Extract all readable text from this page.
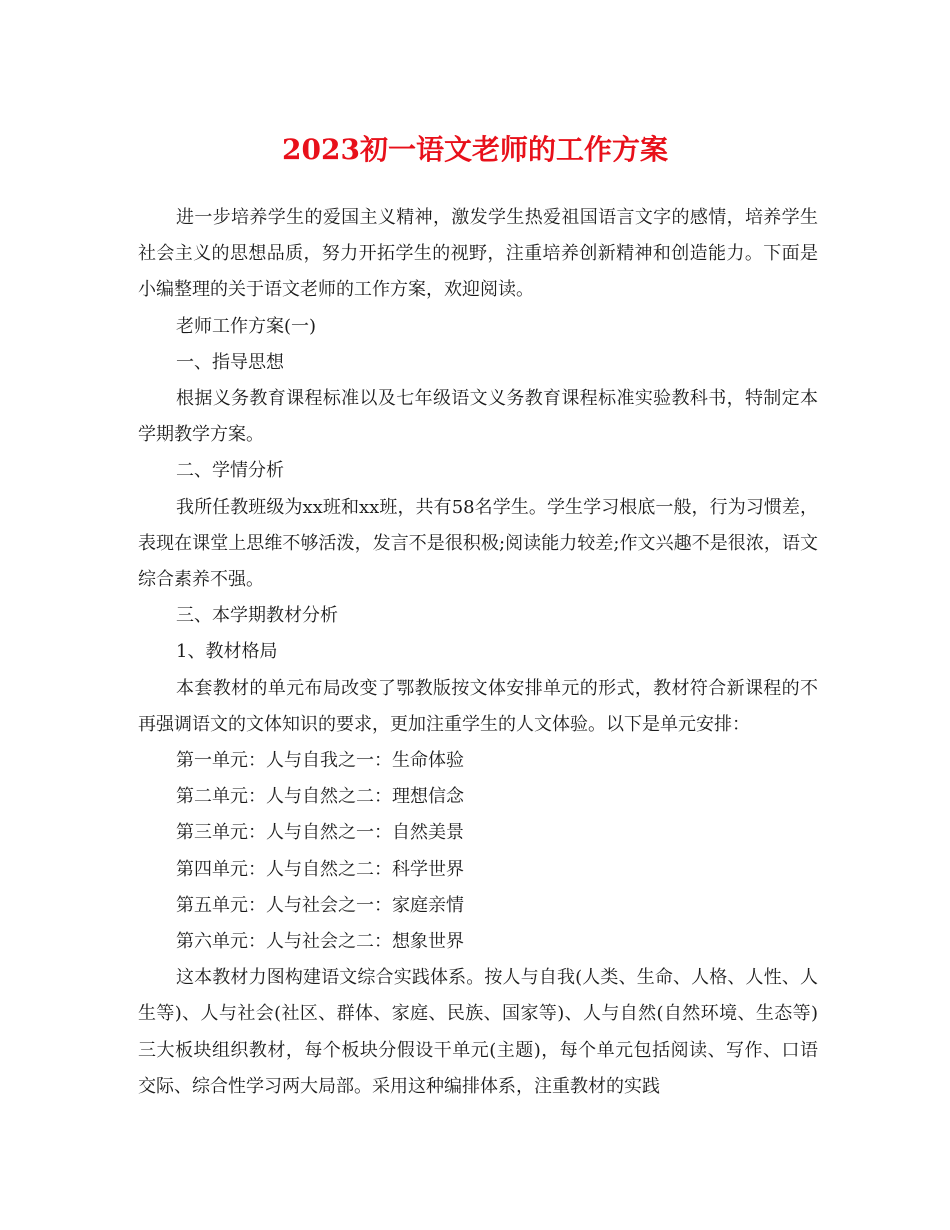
2023初一语文老师的工作方案

进一步培养学生的爱国主义精神，激发学生热爱祖国语言文字的感情，培养学生社会主义的思想品质，努力开拓学生的视野，注重培养创新精神和创造能力。下面是小编整理的关于语文老师的工作方案，欢迎阅读。

老师工作方案(一)

一、指导思想

根据义务教育课程标准以及七年级语文义务教育课程标准实验教科书，特制定本学期教学方案。

二、学情分析

我所任教班级为xx班和xx班，共有58名学生。学生学习根底一般，行为习惯差，表现在课堂上思维不够活泼，发言不是很积极;阅读能力较差;作文兴趣不是很浓，语文综合素养不强。

三、本学期教材分析

1、教材格局

本套教材的单元布局改变了鄂教版按文体安排单元的形式，教材符合新课程的不再强调语文的文体知识的要求，更加注重学生的人文体验。以下是单元安排：

第一单元：人与自我之一：生命体验

第二单元：人与自然之二：理想信念

第三单元：人与自然之一：自然美景

第四单元：人与自然之二：科学世界

第五单元：人与社会之一：家庭亲情

第六单元：人与社会之二：想象世界

这本教材力图构建语文综合实践体系。按人与自我(人类、生命、人格、人性、人生等)、人与社会(社区、群体、家庭、民族、国家等)、人与自然(自然环境、生态等)三大板块组织教材，每个板块分假设干单元(主题)，每个单元包括阅读、写作、口语交际、综合性学习两大局部。采用这种编排体系，注重教材的实践
